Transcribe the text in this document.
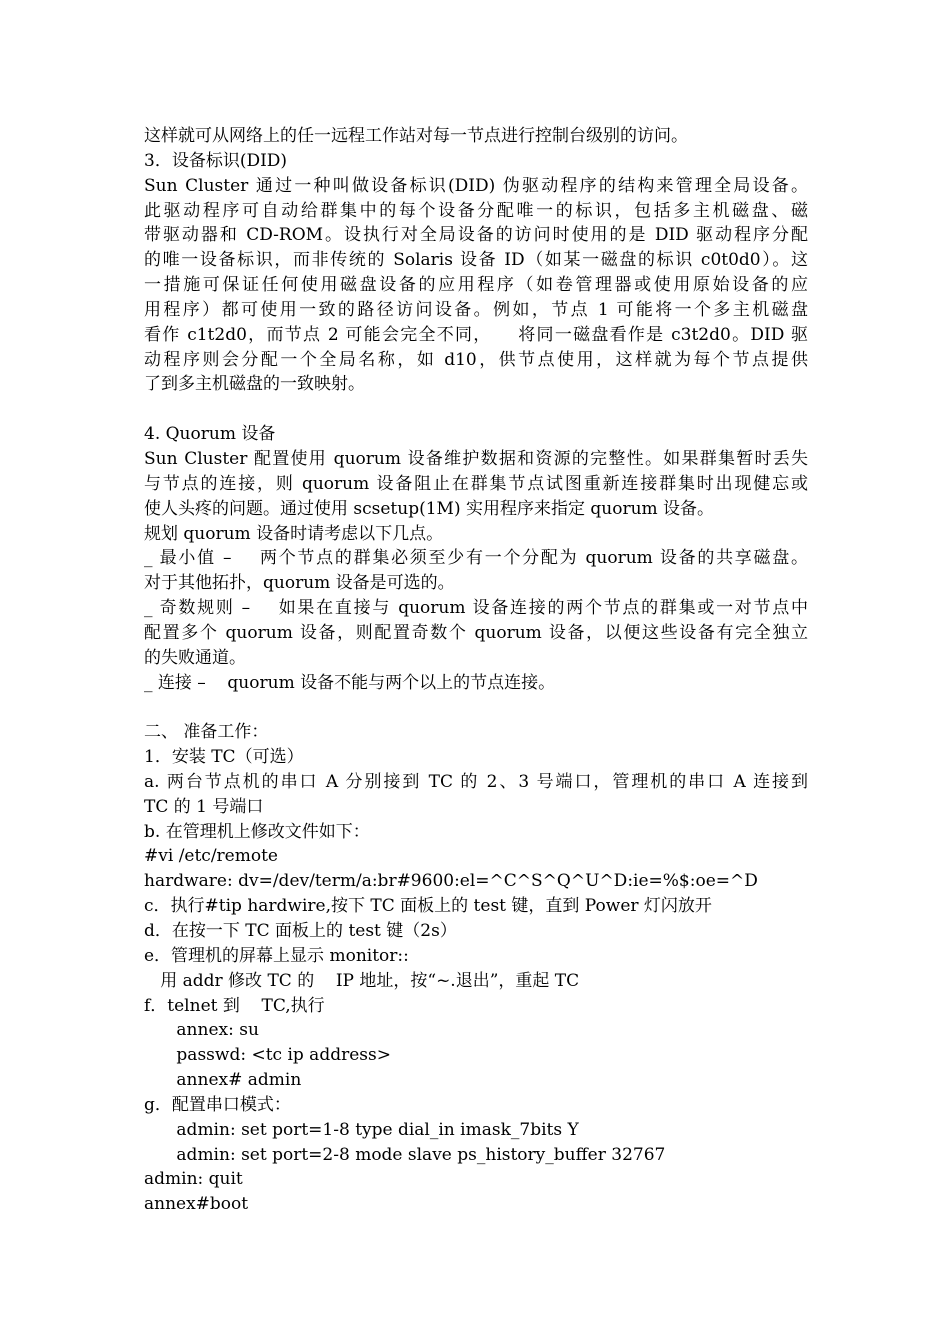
这样就可从网络上的任一远程工作站对每一节点进行控制台级别的访问。
3．设备标识(DID)
Sun Cluster 通过一种叫做设备标识(DID) 伪驱动程序的结构来管理全局设备。
此驱动程序可自动给群集中的每个设备分配唯一的标识，包括多主机磁盘、磁
带驱动器和 CD-ROM。设执行对全局设备的访问时使用的是 DID 驱动程序分配
的唯一设备标识，而非传统的 Solaris 设备 ID（如某一磁盘的标识 c0t0d0）。这
一措施可保证任何使用磁盘设备的应用程序（如卷管理器或使用原始设备的应
用程序）都可使用一致的路径访问设备。例如，节点 1 可能将一个多主机磁盘
看作 c1t2d0，而节点 2 可能会完全不同，    将同一磁盘看作是 c3t2d0。DID 驱
动程序则会分配一个全局名称，如 d10，供节点使用，这样就为每个节点提供
了到多主机磁盘的一致映射。
4. Quorum 设备
Sun Cluster 配置使用 quorum 设备维护数据和资源的完整性。如果群集暂时丢失
与节点的连接，则 quorum 设备阻止在群集节点试图重新连接群集时出现健忘或
使人头疼的问题。通过使用 scsetup(1M) 实用程序来指定 quorum 设备。
规划 quorum 设备时请考虑以下几点。
_ 最小值 –    两个节点的群集必须至少有一个分配为 quorum 设备的共享磁盘。
对于其他拓扑，quorum 设备是可选的。
_ 奇数规则 –    如果在直接与 quorum 设备连接的两个节点的群集或一对节点中
配置多个 quorum 设备，则配置奇数个 quorum 设备，以便这些设备有完全独立
的失败通道。
_ 连接 –    quorum 设备不能与两个以上的节点连接。
二、 准备工作：
1．安装 TC（可选）
a. 两台节点机的串口 A 分别接到 TC 的 2、3 号端口，管理机的串口 A 连接到
TC 的 1 号端口
b. 在管理机上修改文件如下：
#vi /etc/remote
hardware: dv=/dev/term/a:br#9600:el=^C^S^Q^U^D:ie=%$:oe=^D
c．执行#tip hardwire,按下 TC 面板上的 test 键，直到 Power 灯闪放开
d．在按一下 TC 面板上的 test 键（2s）
e．管理机的屏幕上显示 monitor::
用 addr 修改 TC 的    IP 地址，按“~.退出”，重起 TC
f．telnet 到    TC,执行
annex: su
passwd: <tc ip address>
annex# admin
g．配置串口模式：
admin: set port=1-8 type dial_in imask_7bits Y
admin: set port=2-8 mode slave ps_history_buffer 32767
admin: quit
annex#boot
